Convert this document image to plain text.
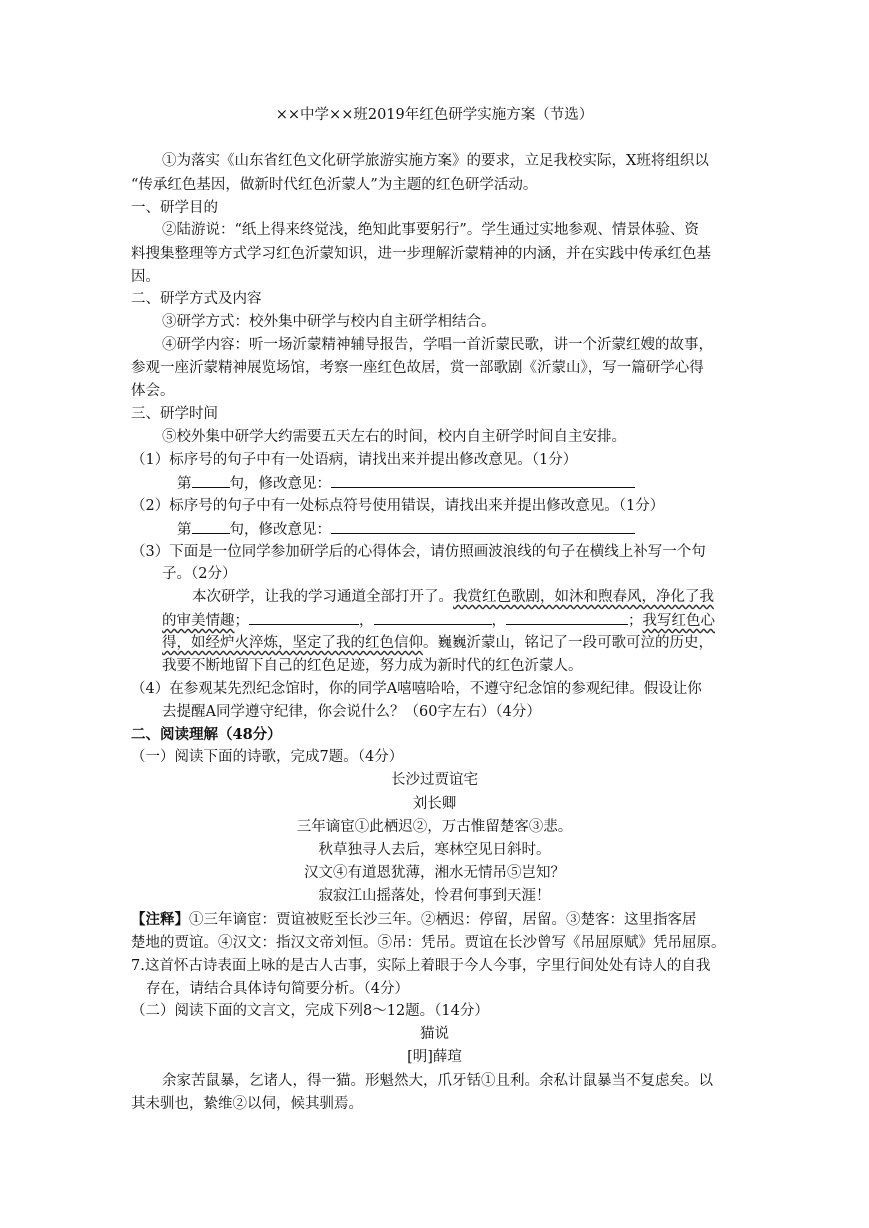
××中学××班2019年红色研学实施方案（节选）
①为落实《山东省红色文化研学旅游实施方案》的要求，立足我校实际，X班将组织以
“传承红色基因，做新时代红色沂蒙人”为主题的红色研学活动。
一、研学目的
②陆游说：“纸上得来终觉浅，绝知此事要躬行”。学生通过实地参观、情景体验、资
料搜集整理等方式学习红色沂蒙知识，进一步理解沂蒙精神的内涵，并在实践中传承红色基
因。
二、研学方式及内容
③研学方式：校外集中研学与校内自主研学相结合。
④研学内容：听一场沂蒙精神辅导报告，学唱一首沂蒙民歌，讲一个沂蒙红嫂的故事，
参观一座沂蒙精神展览场馆，考察一座红色故居，赏一部歌剧《沂蒙山》，写一篇研学心得
体会。
三、研学时间
⑤校外集中研学大约需要五天左右的时间，校内自主研学时间自主安排。
（1）标序号的句子中有一处语病，请找出来并提出修改意见。（1分）
第	句，修改意见：
（2）标序号的句子中有一处标点符号使用错误，请找出来并提出修改意见。（1分）
第	句，修改意见：
（3）下面是一位同学参加研学后的心得体会，请仿照画波浪线的句子在横线上补写一个句
子。（2分）
本次研学，让我的学习通道全部打开了。我赏红色歌剧，如沐和煦春风，净化了我
的审美情趣；	，	，	；我写红色心
得，如经炉火淬炼，坚定了我的红色信仰。巍巍沂蒙山，铭记了一段可歌可泣的历史，
我要不断地留下自己的红色足迹，努力成为新时代的红色沂蒙人。
（4）在参观某先烈纪念馆时，你的同学A嘻嘻哈哈，不遵守纪念馆的参观纪律。假设让你
去提醒A同学遵守纪律，你会说什么？（60字左右）（4分）
二、阅读理解（48分）
（一）阅读下面的诗歌，完成7题。（4分）
长沙过贾谊宅
刘长卿
三年谪宦①此栖迟②，万古惟留楚客③悲。
秋草独寻人去后，寒林空见日斜时。
汉文④有道恩犹薄，湘水无情吊⑤岂知？
寂寂江山摇落处，怜君何事到天涯！
【注释】①三年谪宦：贾谊被贬至长沙三年。②栖迟：停留，居留。③楚客：这里指客居
楚地的贾谊。④汉文：指汉文帝刘恒。⑤吊：凭吊。贾谊在长沙曾写《吊屈原赋》凭吊屈原。
7.这首怀古诗表面上咏的是古人古事，实际上着眼于今人今事，字里行间处处有诗人的自我
存在，请结合具体诗句简要分析。（4分）
（二）阅读下面的文言文，完成下列8～12题。（14分）
猫说
[明]薛瑄
余家苦鼠暴，乞诸人，得一猫。形魁然大，爪牙铦①且利。余私计鼠暴当不复虑矣。以
其未驯也，絷维②以伺，候其驯焉。
